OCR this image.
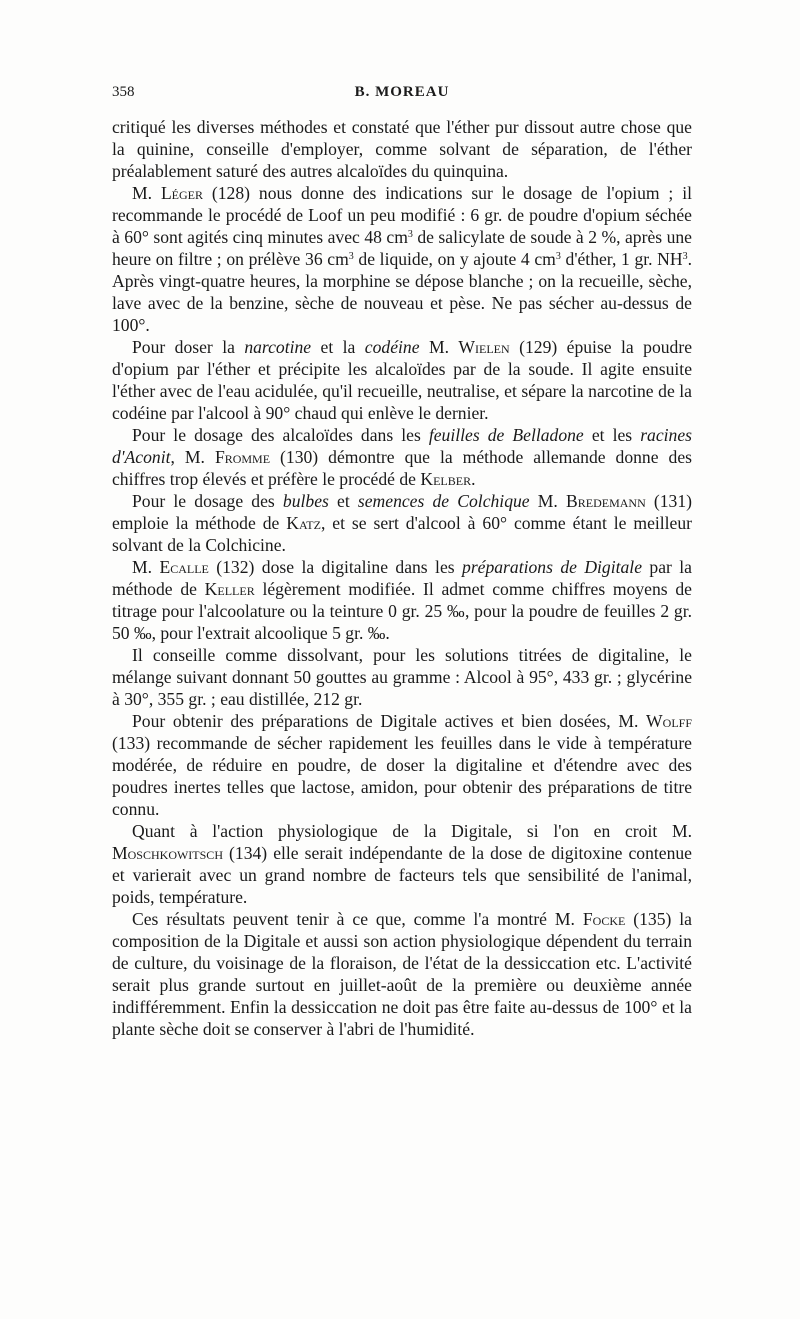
358	B. MOREAU

critiqué les diverses méthodes et constaté que l'éther pur dissout autre chose que la quinine, conseille d'employer, comme solvant de séparation, de l'éther préalablement saturé des autres alcaloïdes du quinquina.

M. Léger (128) nous donne des indications sur le dosage de l'opium ; il recommande le procédé de Loof un peu modifié : 6 gr. de poudre d'opium séchée à 60° sont agités cinq minutes avec 48 $cm^3$ de salicylate de soude à 2 %, après une heure on filtre ; on prélève 36 $cm^3$ de liquide, on y ajoute 4 $cm^3$ d'éther, 1 gr. $NH^3$. Après vingt-quatre heures, la morphine se dépose blanche ; on la recueille, sèche, lave avec de la benzine, sèche de nouveau et pèse. Ne pas sécher au-dessus de 100°.

Pour doser la narcotine et la codéine M. Wielen (129) épuise la poudre d'opium par l'éther et précipite les alcaloïdes par de la soude. Il agite ensuite l'éther avec de l'eau acidulée, qu'il recueille, neutralise, et sépare la narcotine de la codéine par l'alcool à 90° chaud qui enlève le dernier.

Pour le dosage des alcaloïdes dans les feuilles de Belladone et les racines d'Aconit, M. Fromme (130) démontre que la méthode allemande donne des chiffres trop élevés et préfère le procédé de Kelber.

Pour le dosage des bulbes et semences de Colchique M. Bredemann (131) emploie la méthode de Katz, et se sert d'alcool à 60° comme étant le meilleur solvant de la Colchicine.

M. Ecalle (132) dose la digitaline dans les préparations de Digitale par la méthode de Keller légèrement modifiée. Il admet comme chiffres moyens de titrage pour l'alcoolature ou la teinture 0 gr. 25 ‰, pour la poudre de feuilles 2 gr. 50 ‰, pour l'extrait alcoolique 5 gr. ‰.

Il conseille comme dissolvant, pour les solutions titrées de digitaline, le mélange suivant donnant 50 gouttes au gramme : Alcool à 95°, 433 gr. ; glycérine à 30°, 355 gr. ; eau distillée, 212 gr.

Pour obtenir des préparations de Digitale actives et bien dosées, M. Wolff (133) recommande de sécher rapidement les feuilles dans le vide à température modérée, de réduire en poudre, de doser la digitaline et d'étendre avec des poudres inertes telles que lactose, amidon, pour obtenir des préparations de titre connu.

Quant à l'action physiologique de la Digitale, si l'on en croit M. Moschkowitsch (134) elle serait indépendante de la dose de digitoxine contenue et varierait avec un grand nombre de facteurs tels que sensibilité de l'animal, poids, température.

Ces résultats peuvent tenir à ce que, comme l'a montré M. Focke (135) la composition de la Digitale et aussi son action physiologique dépendent du terrain de culture, du voisinage de la floraison, de l'état de la dessiccation etc. L'activité serait plus grande surtout en juillet-août de la première ou deuxième année indifféremment. Enfin la dessiccation ne doit pas être faite au-dessus de 100° et la plante sèche doit se conserver à l'abri de l'humidité.
